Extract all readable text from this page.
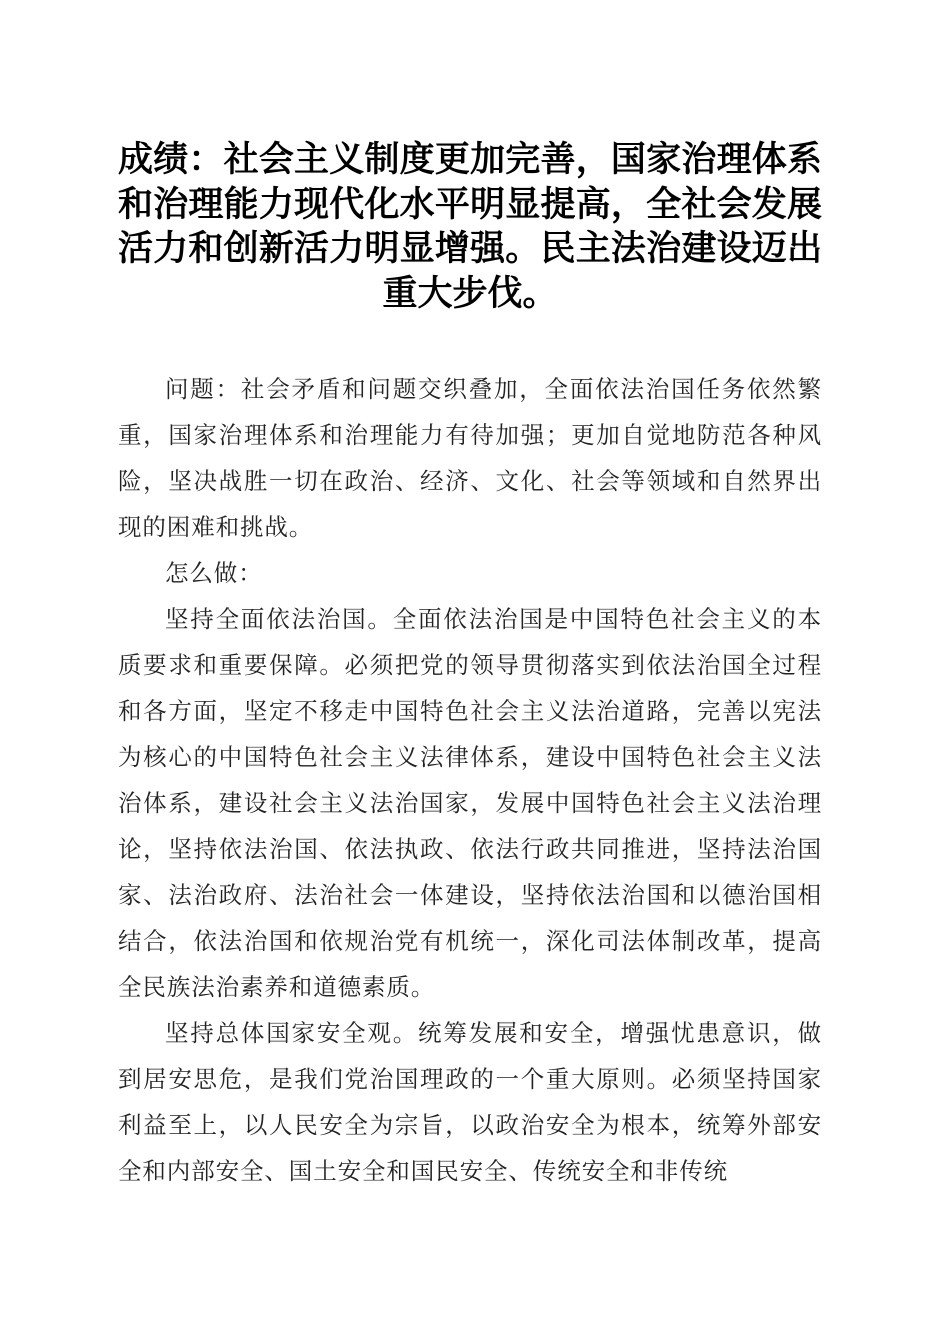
成绩：社会主义制度更加完善，国家治理体系和治理能力现代化水平明显提高，全社会发展活力和创新活力明显增强。民主法治建设迈出重大步伐。

问题：社会矛盾和问题交织叠加，全面依法治国任务依然繁重，国家治理体系和治理能力有待加强；更加自觉地防范各种风险，坚决战胜一切在政治、经济、文化、社会等领域和自然界出现的困难和挑战。

怎么做：

坚持全面依法治国。全面依法治国是中国特色社会主义的本质要求和重要保障。必须把党的领导贯彻落实到依法治国全过程和各方面，坚定不移走中国特色社会主义法治道路，完善以宪法为核心的中国特色社会主义法律体系，建设中国特色社会主义法治体系，建设社会主义法治国家，发展中国特色社会主义法治理论，坚持依法治国、依法执政、依法行政共同推进，坚持法治国家、法治政府、法治社会一体建设，坚持依法治国和以德治国相结合，依法治国和依规治党有机统一，深化司法体制改革，提高全民族法治素养和道德素质。

坚持总体国家安全观。统筹发展和安全，增强忧患意识，做到居安思危，是我们党治国理政的一个重大原则。必须坚持国家利益至上，以人民安全为宗旨，以政治安全为根本，统筹外部安全和内部安全、国土安全和国民安全、传统安全和非传统
